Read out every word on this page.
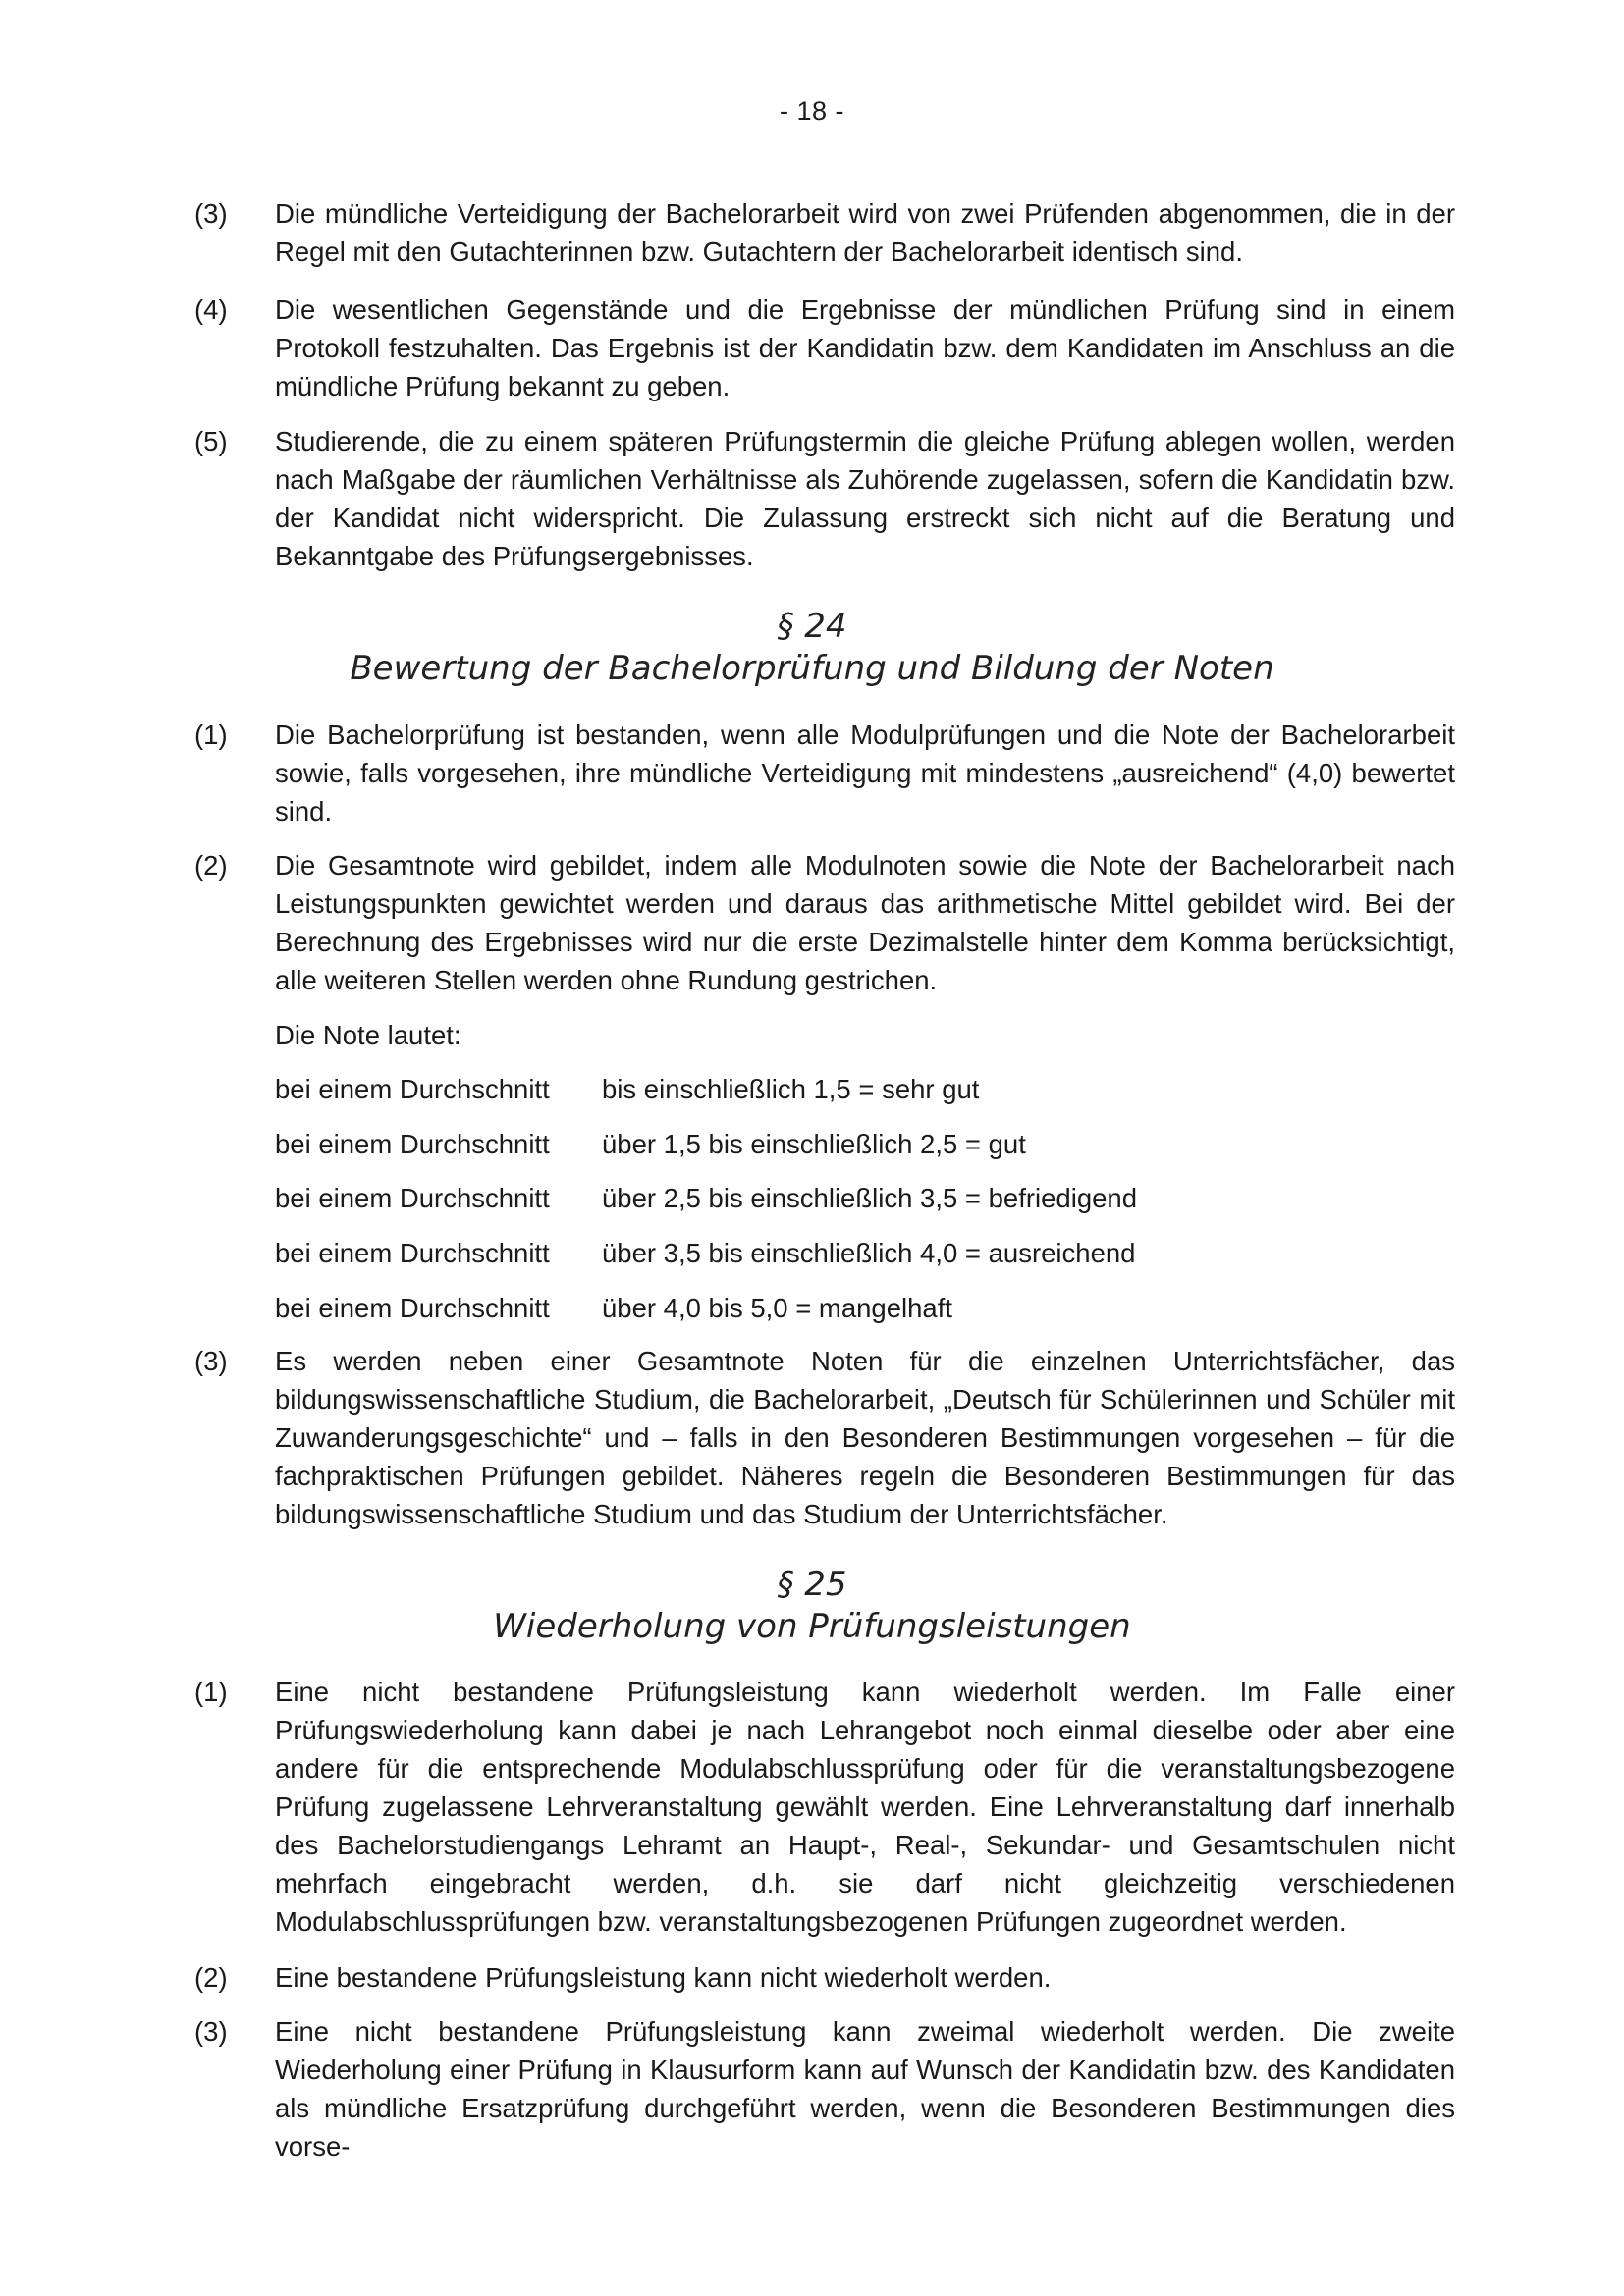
- 18 -
(3) Die mündliche Verteidigung der Bachelorarbeit wird von zwei Prüfenden abgenommen, die in der Regel mit den Gutachterinnen bzw. Gutachtern der Bachelorarbeit identisch sind.
(4) Die wesentlichen Gegenstände und die Ergebnisse der mündlichen Prüfung sind in einem Protokoll festzuhalten. Das Ergebnis ist der Kandidatin bzw. dem Kandidaten im Anschluss an die mündliche Prüfung bekannt zu geben.
(5) Studierende, die zu einem späteren Prüfungstermin die gleiche Prüfung ablegen wollen, werden nach Maßgabe der räumlichen Verhältnisse als Zuhörende zugelassen, sofern die Kandidatin bzw. der Kandidat nicht widerspricht. Die Zulassung erstreckt sich nicht auf die Beratung und Bekanntgabe des Prüfungsergebnisses.
§ 24
Bewertung der Bachelorprüfung und Bildung der Noten
(1) Die Bachelorprüfung ist bestanden, wenn alle Modulprüfungen und die Note der Bachelorarbeit sowie, falls vorgesehen, ihre mündliche Verteidigung mit mindestens „ausreichend“ (4,0) bewertet sind.
(2) Die Gesamtnote wird gebildet, indem alle Modulnoten sowie die Note der Bachelorarbeit nach Leistungspunkten gewichtet werden und daraus das arithmetische Mittel gebildet wird. Bei der Berechnung des Ergebnisses wird nur die erste Dezimalstelle hinter dem Komma berücksichtigt, alle weiteren Stellen werden ohne Rundung gestrichen.
Die Note lautet:
bei einem Durchschnitt bis einschließlich 1,5 = sehr gut
bei einem Durchschnitt über 1,5 bis einschließlich 2,5 = gut
bei einem Durchschnitt über 2,5 bis einschließlich 3,5 = befriedigend
bei einem Durchschnitt über 3,5 bis einschließlich 4,0 = ausreichend
bei einem Durchschnitt über 4,0 bis 5,0 = mangelhaft
(3) Es werden neben einer Gesamtnote Noten für die einzelnen Unterrichtsfächer, das bildungswissenschaftliche Studium, die Bachelorarbeit, „Deutsch für Schülerinnen und Schüler mit Zuwanderungsgeschichte“ und – falls in den Besonderen Bestimmungen vorgesehen – für die fachpraktischen Prüfungen gebildet. Näheres regeln die Besonderen Bestimmungen für das bildungswissenschaftliche Studium und das Studium der Unterrichtsfächer.
§ 25
Wiederholung von Prüfungsleistungen
(1) Eine nicht bestandene Prüfungsleistung kann wiederholt werden. Im Falle einer Prüfungswiederholung kann dabei je nach Lehrangebot noch einmal dieselbe oder aber eine andere für die entsprechende Modulabschlussprüfung oder für die veranstaltungsbezogene Prüfung zugelassene Lehrveranstaltung gewählt werden. Eine Lehrveranstaltung darf innerhalb des Bachelorstudiengangs Lehramt an Haupt-, Real-, Sekundar- und Gesamtschulen nicht mehrfach eingebracht werden, d.h. sie darf nicht gleichzeitig verschiedenen Modulabschlussprüfungen bzw. veranstaltungsbezogenen Prüfungen zugeordnet werden.
(2) Eine bestandene Prüfungsleistung kann nicht wiederholt werden.
(3) Eine nicht bestandene Prüfungsleistung kann zweimal wiederholt werden. Die zweite Wiederholung einer Prüfung in Klausurform kann auf Wunsch der Kandidatin bzw. des Kandidaten als mündliche Ersatzprüfung durchgeführt werden, wenn die Besonderen Bestimmungen dies vorse-
